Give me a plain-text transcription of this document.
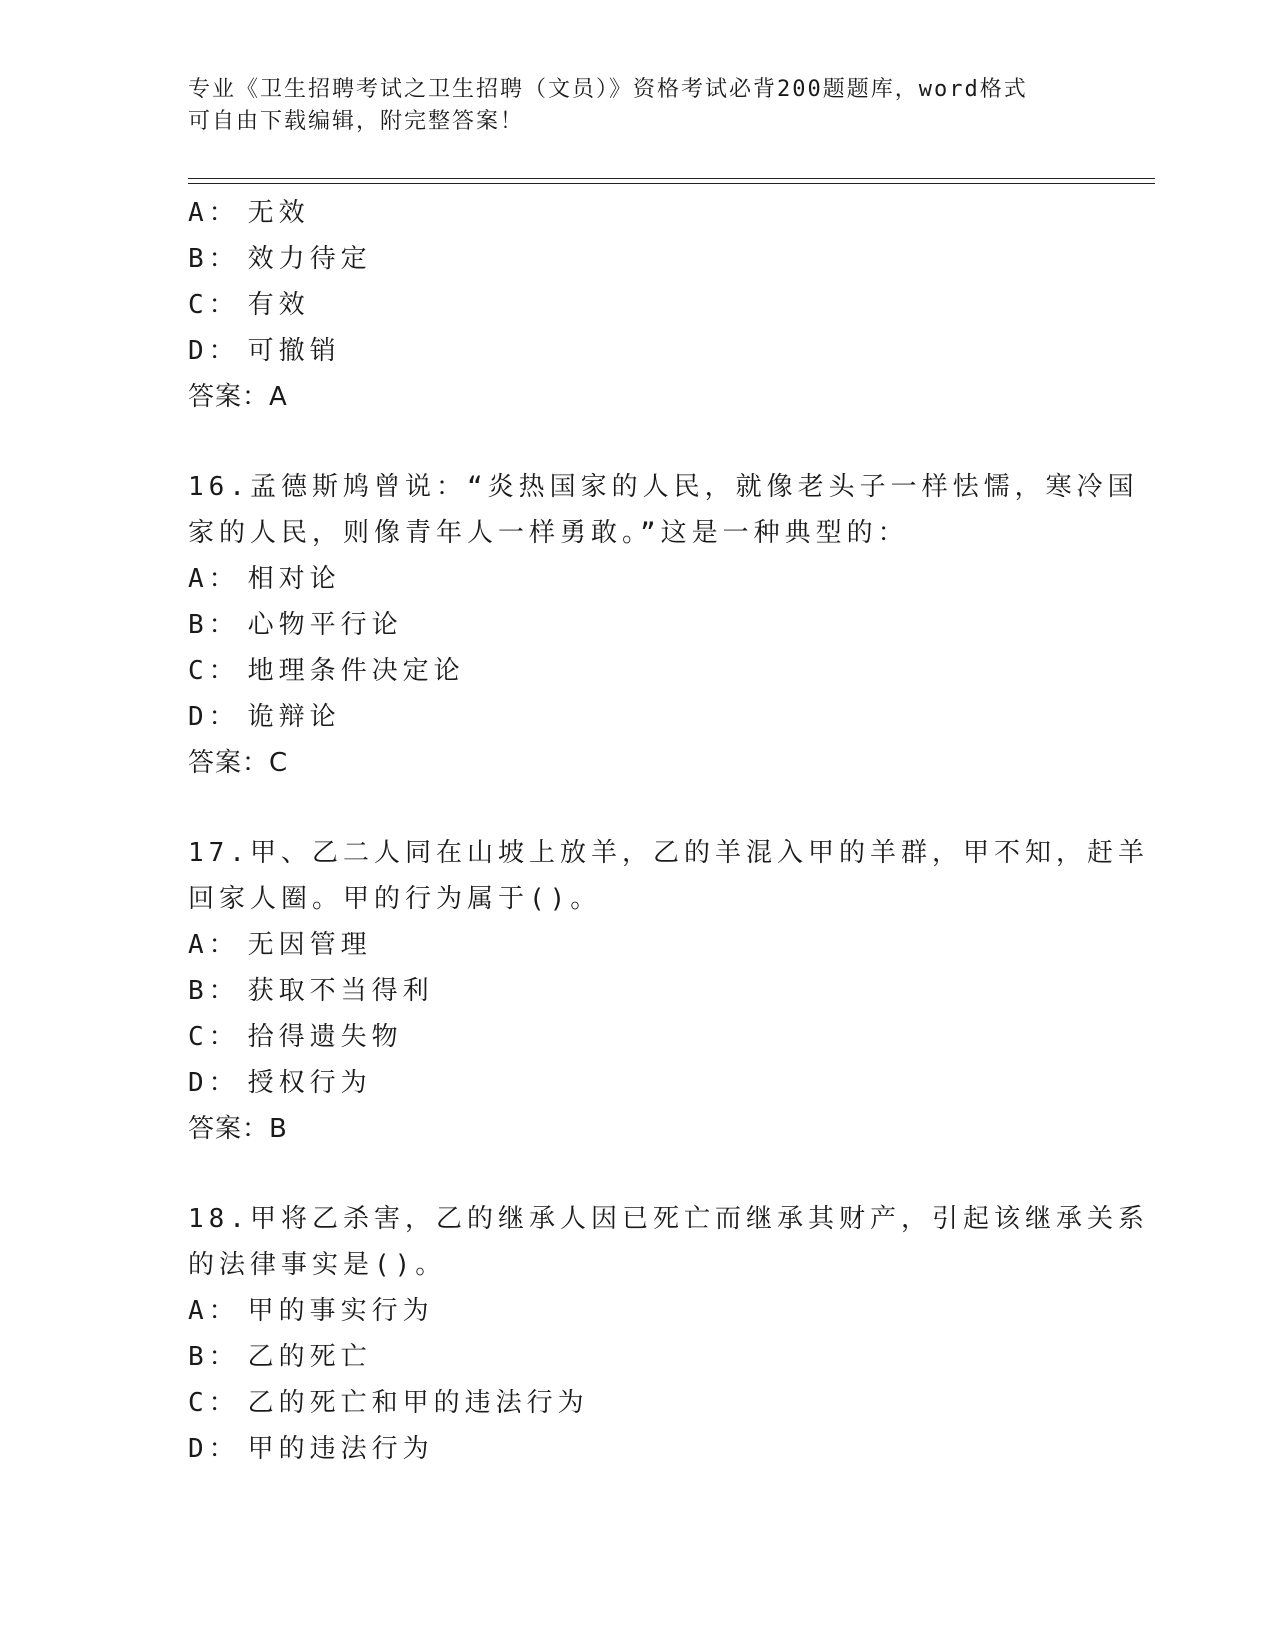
专业《卫生招聘考试之卫生招聘（文员）》资格考试必背200题题库，word格式
可自由下载编辑，附完整答案！
A： 无效
B： 效力待定
C： 有效
D： 可撤销
答案：A
16.孟德斯鸠曾说：“炎热国家的人民，就像老头子一样怯懦，寒冷国
家的人民，则像青年人一样勇敢。”这是一种典型的：
A： 相对论
B： 心物平行论
C： 地理条件决定论
D： 诡辩论
答案：C
17.甲、乙二人同在山坡上放羊，乙的羊混入甲的羊群，甲不知，赶羊
回家人圈。甲的行为属于()。
A： 无因管理
B： 获取不当得利
C： 拾得遗失物
D： 授权行为
答案：B
18.甲将乙杀害，乙的继承人因已死亡而继承其财产，引起该继承关系
的法律事实是()。
A： 甲的事实行为
B： 乙的死亡
C： 乙的死亡和甲的违法行为
D： 甲的违法行为
